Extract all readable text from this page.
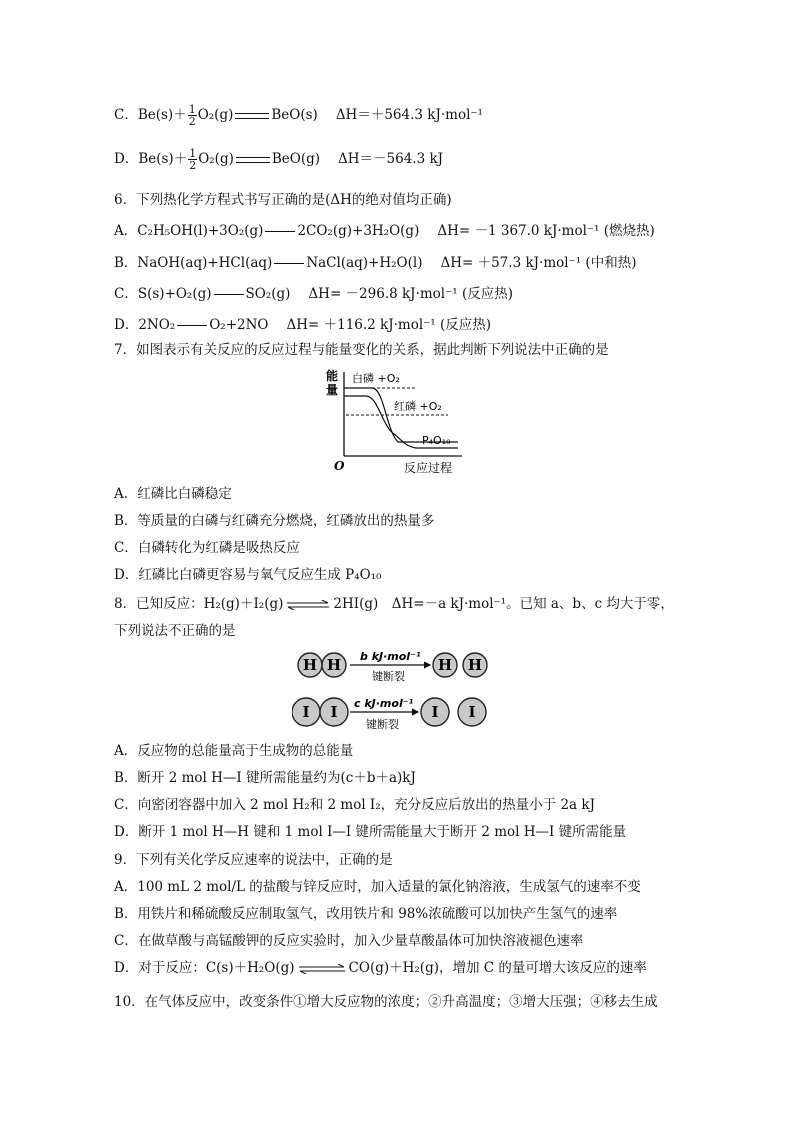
C．$Be(s)+ \frac{1}{2} O_2(g)$	BeO(s) ΔH＝＋564.3 kJ·mol⁻¹
D．$Be(s)+ \frac{1}{2} O_2(g)$	BeO(g) ΔH＝－564.3 kJ
6．下列热化学方程式书写正确的是(ΔH的绝对值均正确)
A．C₂H₅OH(l)+3O₂(g)	2CO₂(g)+3H₂O(g) ΔH= －1 367.0 kJ·mol⁻¹ (燃烧热)
B．NaOH(aq)+HCl(aq)	NaCl(aq)+H₂O(l) ΔH= ＋57.3 kJ·mol⁻¹ (中和热)
C．S(s)+O₂(g)	SO₂(g) ΔH= －296.8 kJ·mol⁻¹ (反应热)
D．2NO₂	O₂+2NO ΔH= ＋116.2 kJ·mol⁻¹ (反应热)
7．如图表示有关反应的反应过程与能量变化的关系，据此判断下列说法中正确的是
能
量
白磷 +O₂
红磷 +O₂
P₄O₁₀
O	反应过程
A．红磷比白磷稳定
B．等质量的白磷与红磷充分燃烧，红磷放出的热量多
C．白磷转化为红磷是吸热反应
D．红磷比白磷更容易与氧气反应生成 P₄O₁₀
8．已知反应：H₂(g)＋I₂(g) ⇌ 2HI(g)　ΔH=－a kJ·mol⁻¹。已知 a、b、c 均大于零，
下列说法不正确的是
H H b kJ·mol⁻¹
键断裂
H H
I I c kJ·mol⁻¹
键断裂
I I
A．反应物的总能量高于生成物的总能量
B．断开 2 mol H—I 键所需能量约为(c＋b＋a)kJ
C．向密闭容器中加入 2 mol H₂和 2 mol I₂，充分反应后放出的热量小于 2a kJ
D．断开 1 mol H—H 键和 1 mol I—I 键所需能量大于断开 2 mol H—I 键所需能量
9．下列有关化学反应速率的说法中，正确的是
A．100 mL 2 mol/L 的盐酸与锌反应时，加入适量的氯化钠溶液，生成氢气的速率不变
B．用铁片和稀硫酸反应制取氢气，改用铁片和 98%浓硫酸可以加快产生氢气的速率
C．在做草酸与高锰酸钾的反应实验时，加入少量草酸晶体可加快溶液褪色速率
D．对于反应：C(s)＋H₂O(g) ⇌ CO(g)＋H₂(g)，增加 C 的量可增大该反应的速率
10．在气体反应中，改变条件①增大反应物的浓度；②升高温度；③增大压强；④移去生成
